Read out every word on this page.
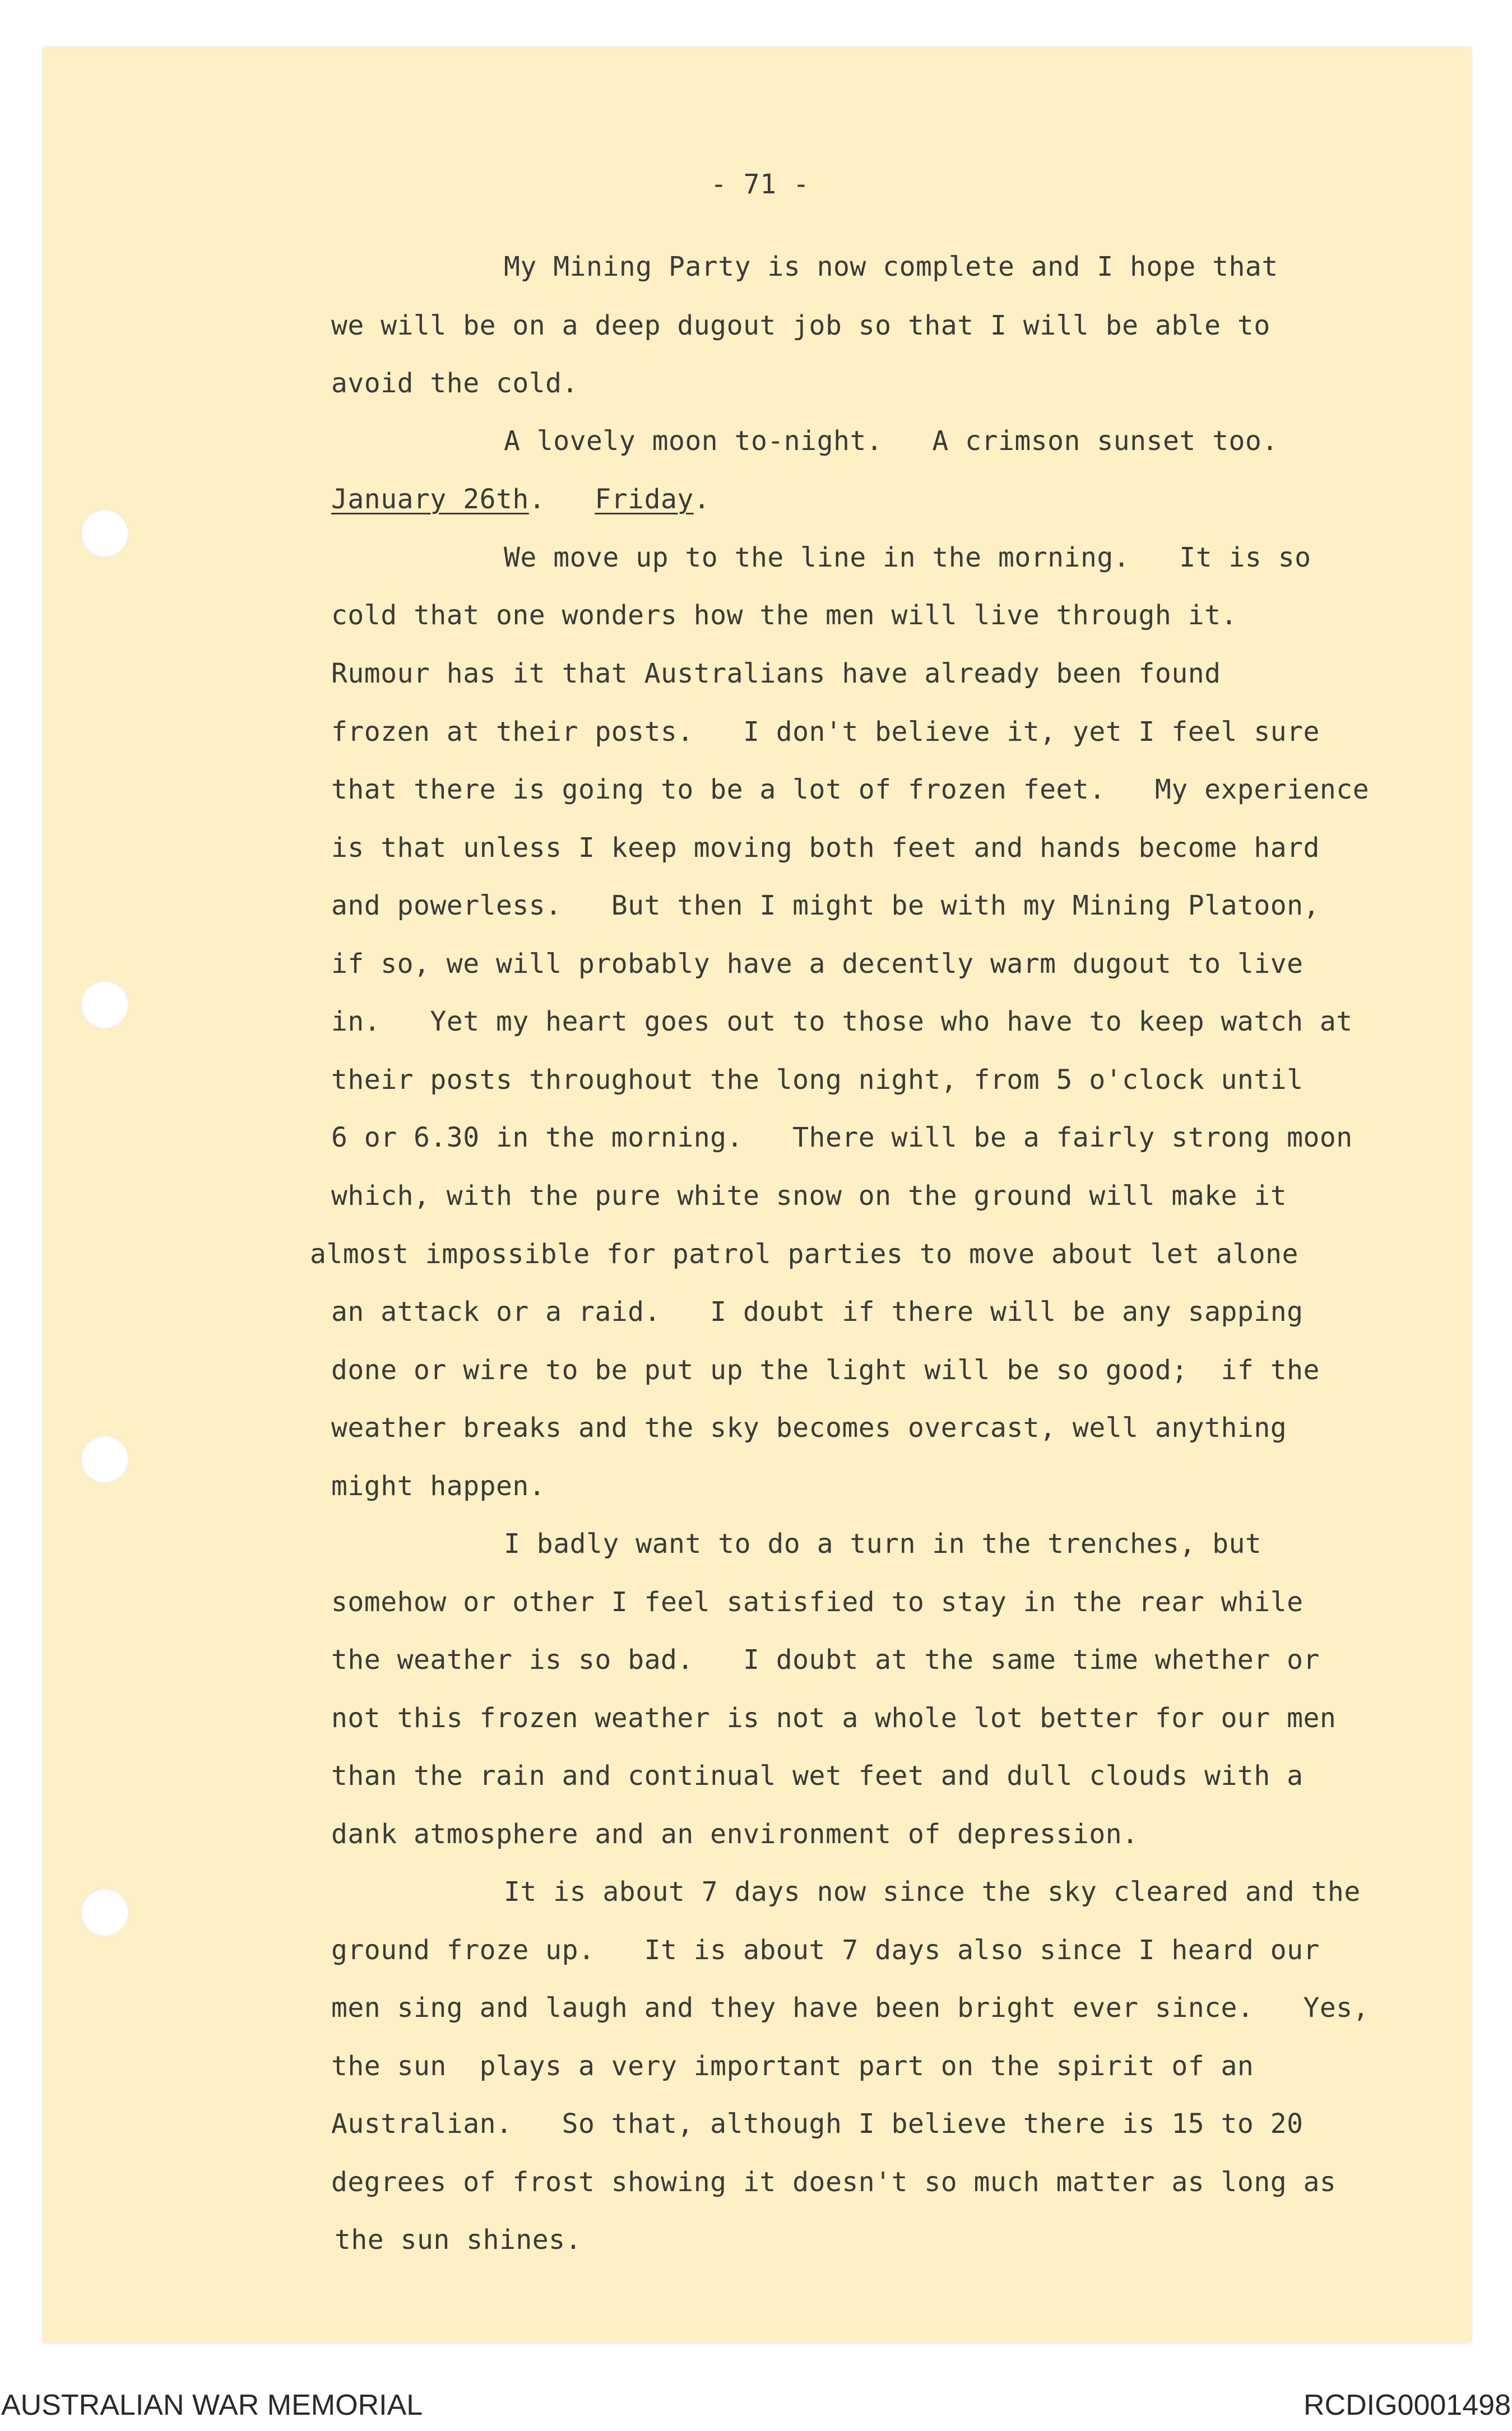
- 71 -
My Mining Party is now complete and I hope that
we will be on a deep dugout job so that I will be able to
avoid the cold.
A lovely moon to-night.   A crimson sunset too.
January 26th.   Friday.
We move up to the line in the morning.   It is so
cold that one wonders how the men will live through it.
Rumour has it that Australians have already been found
frozen at their posts.   I don't believe it, yet I feel sure
that there is going to be a lot of frozen feet.   My experience
is that unless I keep moving both feet and hands become hard
and powerless.   But then I might be with my Mining Platoon,
if so, we will probably have a decently warm dugout to live
in.   Yet my heart goes out to those who have to keep watch at
their posts throughout the long night, from 5 o'clock until
6 or 6.30 in the morning.   There will be a fairly strong moon
which, with the pure white snow on the ground will make it
almost impossible for patrol parties to move about let alone
an attack or a raid.   I doubt if there will be any sapping
done or wire to be put up the light will be so good;  if the
weather breaks and the sky becomes overcast, well anything
might happen.
I badly want to do a turn in the trenches, but
somehow or other I feel satisfied to stay in the rear while
the weather is so bad.   I doubt at the same time whether or
not this frozen weather is not a whole lot better for our men
than the rain and continual wet feet and dull clouds with a
dank atmosphere and an environment of depression.
It is about 7 days now since the sky cleared and the
ground froze up.   It is about 7 days also since I heard our
men sing and laugh and they have been bright ever since.   Yes,
the sun  plays a very important part on the spirit of an
Australian.   So that, although I believe there is 15 to 20
degrees of frost showing it doesn't so much matter as long as
the sun shines.
AUSTRALIAN WAR MEMORIAL	RCDIG0001498
